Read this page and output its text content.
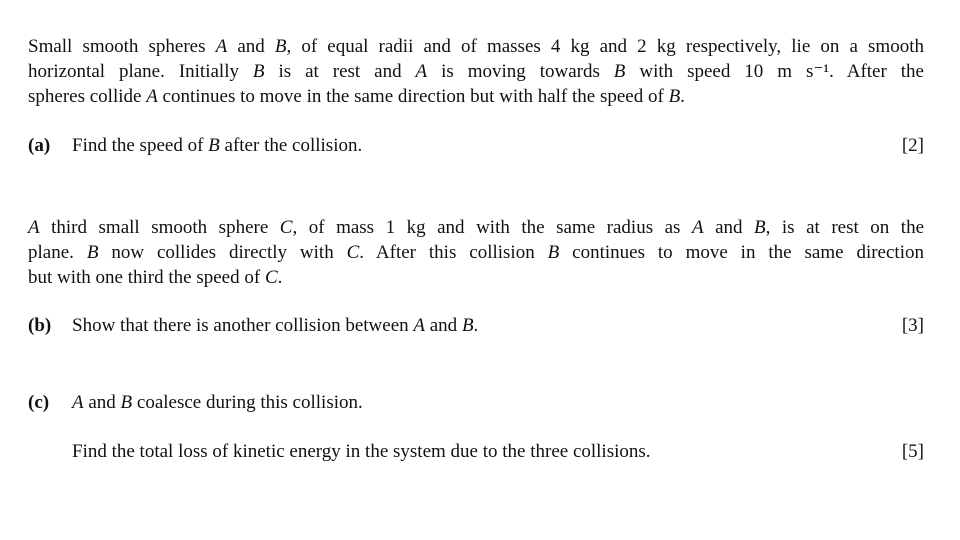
Small smooth spheres A and B, of equal radii and of masses 4 kg and 2 kg respectively, lie on a smooth
horizontal plane. Initially B is at rest and A is moving towards B with speed 10 m s⁻¹. After the
spheres collide A continues to move in the same direction but with half the speed of B.
(a) Find the speed of B after the collision.	[2]
A third small smooth sphere C, of mass 1 kg and with the same radius as A and B, is at rest on the
plane. B now collides directly with C. After this collision B continues to move in the same direction
but with one third the speed of C.
(b) Show that there is another collision between A and B.	[3]
(c) A and B coalesce during this collision.
Find the total loss of kinetic energy in the system due to the three collisions.	[5]
